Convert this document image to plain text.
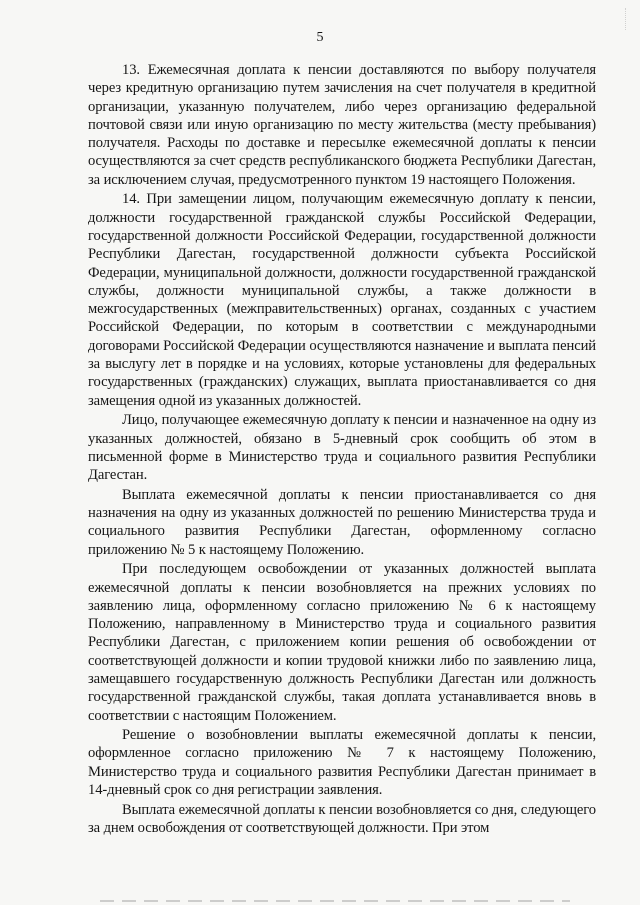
5

13. Ежемесячная доплата к пенсии доставляются по выбору получателя через кредитную организацию путем зачисления на счет получателя в кредитной организации, указанную получателем, либо через организацию федеральной почтовой связи или иную организацию по месту жительства (месту пребывания) получателя. Расходы по доставке и пересылке ежемесячной доплаты к пенсии осуществляются за счет средств республиканского бюджета Республики Дагестан, за исключением случая, предусмотренного пунктом 19 настоящего Положения.

14. При замещении лицом, получающим ежемесячную доплату к пенсии, должности государственной гражданской службы Российской Федерации, государственной должности Российской Федерации, государственной должности Республики Дагестан, государственной должности субъекта Российской Федерации, муниципальной должности, должности государственной гражданской службы, должности муниципальной службы, а также должности в межгосударственных (межправительственных) органах, созданных с участием Российской Федерации, по которым в соответствии с международными договорами Российской Федерации осуществляются назначение и выплата пенсий за выслугу лет в порядке и на условиях, которые установлены для федеральных государственных (гражданских) служащих, выплата приостанавливается со дня замещения одной из указанных должностей.

Лицо, получающее ежемесячную доплату к пенсии и назначенное на одну из указанных должностей, обязано в 5-дневный срок сообщить об этом в письменной форме в Министерство труда и социального развития Республики Дагестан.

Выплата ежемесячной доплаты к пенсии приостанавливается со дня назначения на одну из указанных должностей по решению Министерства труда и социального развития Республики Дагестан, оформленному согласно приложению № 5 к настоящему Положению.

При последующем освобождении от указанных должностей выплата ежемесячной доплаты к пенсии возобновляется на прежних условиях по заявлению лица, оформленному согласно приложению № 6 к настоящему Положению, направленному в Министерство труда и социального развития Республики Дагестан, с приложением копии решения об освобождении от соответствующей должности и копии трудовой книжки либо по заявлению лица, замещавшего государственную должность Республики Дагестан или должность государственной гражданской службы, такая доплата устанавливается вновь в соответствии с настоящим Положением.

Решение о возобновлении выплаты ежемесячной доплаты к пенсии, оформленное согласно приложению № 7 к настоящему Положению, Министерство труда и социального развития Республики Дагестан принимает в 14-дневный срок со дня регистрации заявления.

Выплата ежемесячной доплаты к пенсии возобновляется со дня, следующего за днем освобождения от соответствующей должности. При этом
